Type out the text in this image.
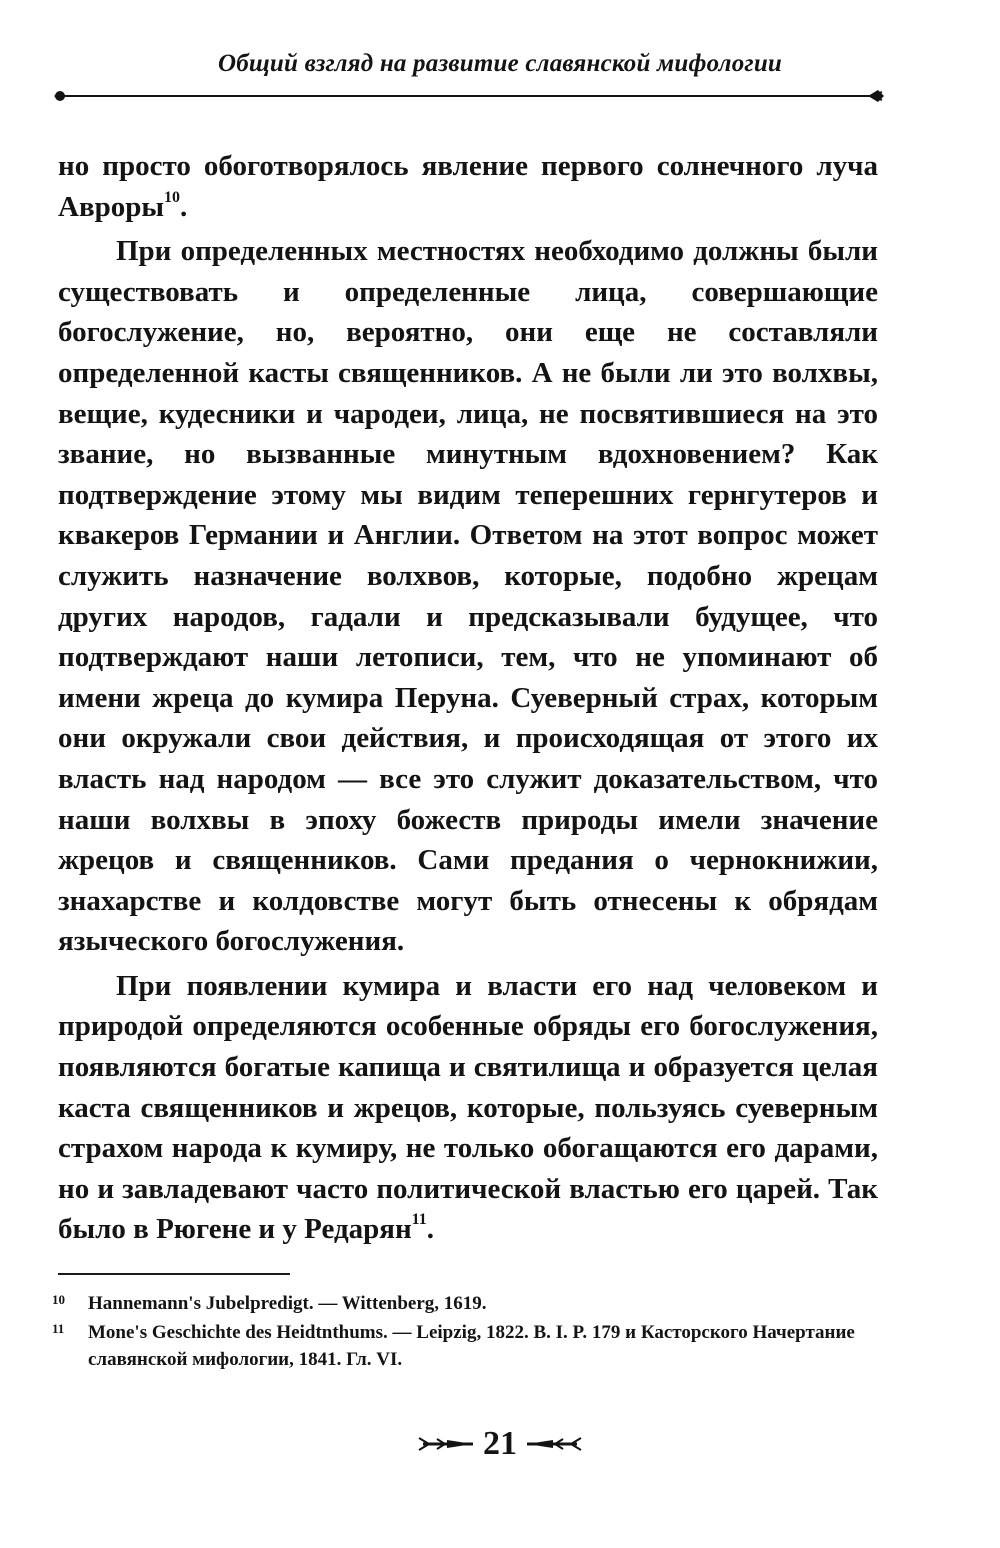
Общий взгляд на развитие славянской мифологии

но просто обоготворялось явление первого солнечного луча Авроры$^{10}$.

При определенных местностях необходимо должны были существовать и определенные лица, совершающие богослужение, но, вероятно, они еще не составляли определенной касты священников. А не были ли это волхвы, вещие, кудесники и чародеи, лица, не посвятившиеся на это звание, но вызванные минутным вдохновением? Как подтверждение этому мы видим теперешних гернгутеров и квакеров Германии и Англии. Ответом на этот вопрос может служить назначение волхвов, которые, подобно жрецам других народов, гадали и предсказывали будущее, что подтверждают наши летописи, тем, что не упоминают об имени жреца до кумира Перуна. Суеверный страх, которым они окружали свои действия, и происходящая от этого их власть над народом — все это служит доказательством, что наши волхвы в эпоху божеств природы имели значение жрецов и священников. Сами предания о чернокнижии, знахарстве и колдовстве могут быть отнесены к обрядам языческого богослужения.

При появлении кумира и власти его над человеком и природой определяются особенные обряды его богослужения, появляются богатые капища и святилища и образуется целая каста священников и жрецов, которые, пользуясь суеверным страхом народа к кумиру, не только обогащаются его дарами, но и завладевают часто политической властью его царей. Так было в Рюгене и у Редарян$^{11}$.

10	Hannemann's Jubelpredigt. — Wittenberg, 1619.
11	Mone's Geschichte des Heidtnthums. — Leipzig, 1822. B. I. P. 179 и Касторского Начертание славянской мифологии, 1841. Гл. VI.
21
